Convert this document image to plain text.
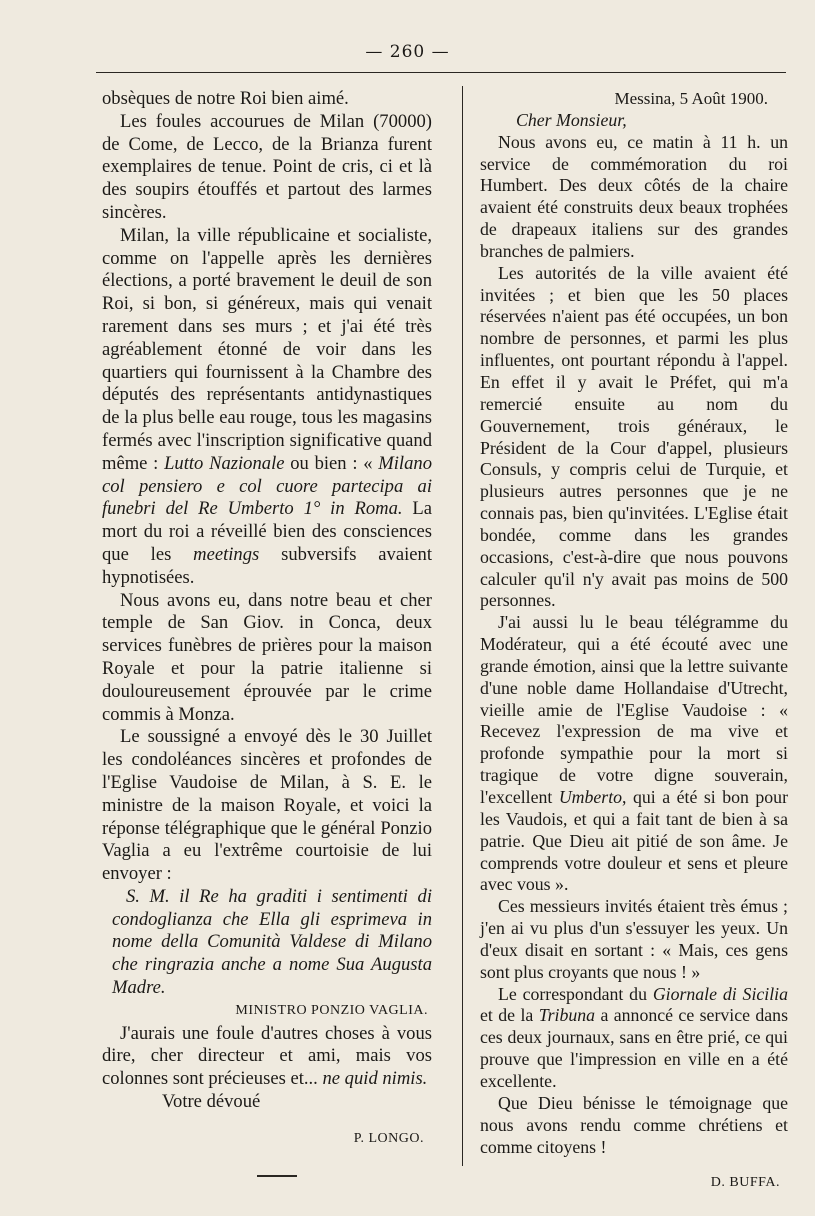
— 260 —

obsèques de notre Roi bien aimé.

Les foules accourues de Milan (70000) de Come, de Lecco, de la Brianza furent exemplaires de tenue. Point de cris, ci et là des soupirs étouffés et partout des larmes sincères.

Milan, la ville républicaine et socialiste, comme on l'appelle après les dernières élections, a porté bravement le deuil de son Roi, si bon, si généreux, mais qui venait rarement dans ses murs ; et j'ai été très agréablement étonné de voir dans les quartiers qui fournissent à la Chambre des députés des représentants antidynastiques de la plus belle eau rouge, tous les magasins fermés avec l'inscription significative quand même : Lutto Nazionale ou bien : « Milano col pensiero e col cuore partecipa ai funebri del Re Umberto 1° in Roma. La mort du roi a réveillé bien des consciences que les meetings subversifs avaient hypnotisées.

Nous avons eu, dans notre beau et cher temple de San Giov. in Conca, deux services funèbres de prières pour la maison Royale et pour la patrie italienne si douloureusement éprouvée par le crime commis à Monza.

Le soussigné a envoyé dès le 30 Juillet les condoléances sincères et profondes de l'Eglise Vaudoise de Milan, à S. E. le ministre de la maison Royale, et voici la réponse télégraphique que le général Ponzio Vaglia a eu l'extrême courtoisie de lui envoyer :

S. M. il Re ha graditi i sentimenti di condoglianza che Ella gli esprimeva in nome della Comunità Valdese di Milano che ringrazia anche a nome Sua Augusta Madre.

MINISTRO PONZIO VAGLIA.

J'aurais une foule d'autres choses à vous dire, cher directeur et ami, mais vos colonnes sont précieuses et... ne quid nimis.

Votre dévoué

P. LONGO.

Messina, 5 Août 1900.

Cher Monsieur,

Nous avons eu, ce matin à 11 h. un service de commémoration du roi Humbert. Des deux côtés de la chaire avaient été construits deux beaux trophées de drapeaux italiens sur des grandes branches de palmiers.

Les autorités de la ville avaient été invitées ; et bien que les 50 places réservées n'aient pas été occupées, un bon nombre de personnes, et parmi les plus influentes, ont pourtant répondu à l'appel. En effet il y avait le Préfet, qui m'a remercié ensuite au nom du Gouvernement, trois généraux, le Président de la Cour d'appel, plusieurs Consuls, y compris celui de Turquie, et plusieurs autres personnes que je ne connais pas, bien qu'invitées. L'Eglise était bondée, comme dans les grandes occasions, c'est-à-dire que nous pouvons calculer qu'il n'y avait pas moins de 500 personnes.

J'ai aussi lu le beau télégramme du Modérateur, qui a été écouté avec une grande émotion, ainsi que la lettre suivante d'une noble dame Hollandaise d'Utrecht, vieille amie de l'Eglise Vaudoise : « Recevez l'expression de ma vive et profonde sympathie pour la mort si tragique de votre digne souverain, l'excellent Umberto, qui a été si bon pour les Vaudois, et qui a fait tant de bien à sa patrie. Que Dieu ait pitié de son âme. Je comprends votre douleur et sens et pleure avec vous ».

Ces messieurs invités étaient très émus ; j'en ai vu plus d'un s'essuyer les yeux. Un d'eux disait en sortant : « Mais, ces gens sont plus croyants que nous ! »

Le correspondant du Giornale di Sicilia et de la Tribuna a annoncé ce service dans ces deux journaux, sans en être prié, ce qui prouve que l'impression en ville en a été excellente.

Que Dieu bénisse le témoignage que nous avons rendu comme chrétiens et comme citoyens !

D. BUFFA.
